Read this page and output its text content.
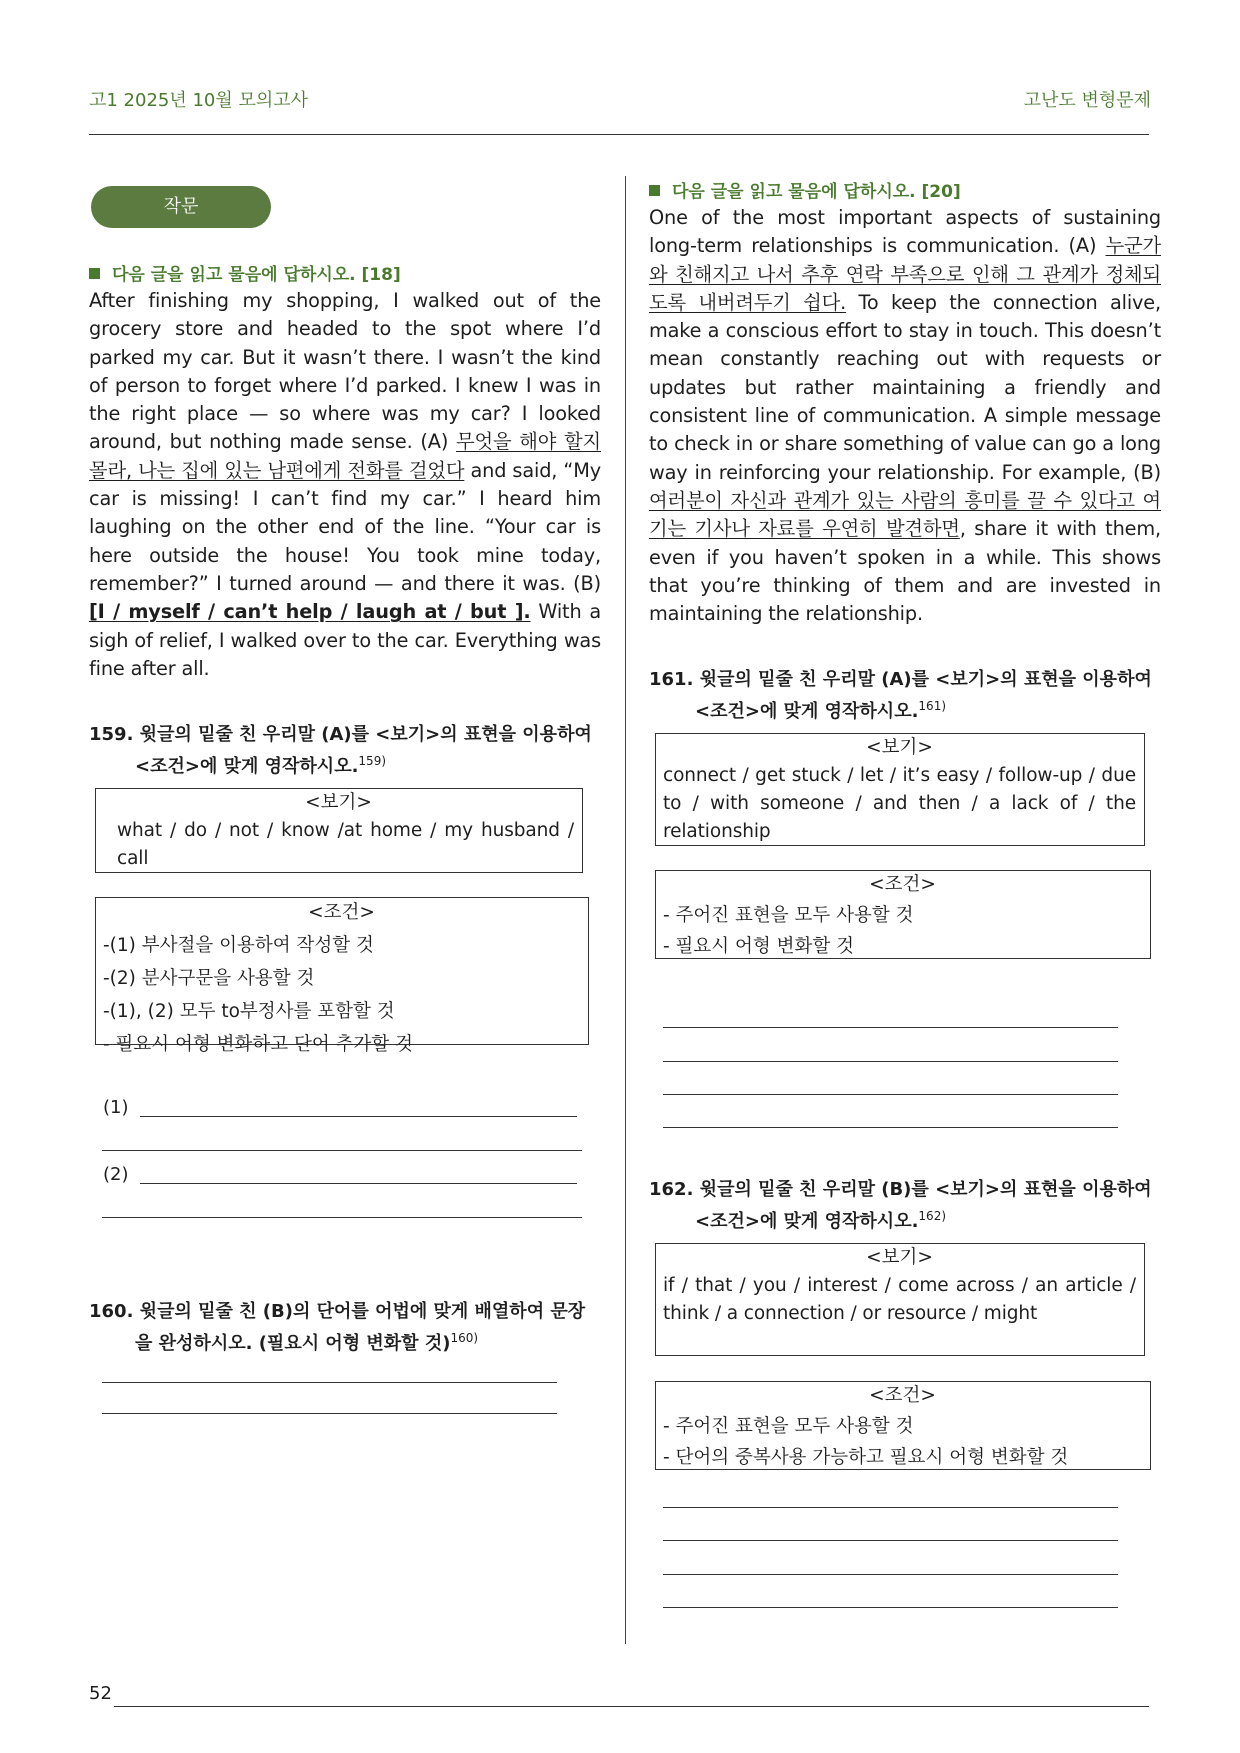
고1 2025년 10월 모의고사	고난도 변형문제
작문
다음 글을 읽고 물음에 답하시오. [18]

After finishing my shopping, I walked out of the grocery store and headed to the spot where I’d parked my car. But it wasn’t there. I wasn’t the kind of person to forget where I’d parked. I knew I was in the right place — so where was my car? I looked around, but nothing made sense. (A) 무엇을 해야 할지 몰라, 나는 집에 있는 남편에게 전화를 걸었다 and said, “My car is missing! I can’t find my car.” I heard him laughing on the other end of the line. “Your car is here outside the house! You took mine today, remember?” I turned around — and there it was. (B) [I / myself / can’t help / laugh at / but ]. With a sigh of relief, I walked over to the car. Everything was fine after all.

159. 윗글의 밑줄 친 우리말 (A)를 <보기>의 표현을 이용하여
<조건>에 맞게 영작하시오.$^{159)}$

<보기>
what / do / not / know /at home / my husband / call
<조건>
-(1) 부사절을 이용하여 작성할 것
-(2) 분사구문을 사용할 것
-(1), (2) 모두 to부정사를 포함할 것
- 필요시 어형 변화하고 단어 추가할 것
(1)
(2)

160. 윗글의 밑줄 친 (B)의 단어를 어법에 맞게 배열하여 문장
을 완성하시오. (필요시 어형 변화할 것)$^{160)}$

다음 글을 읽고 물음에 답하시오. [20]

One of the most important aspects of sustaining long-term relationships is communication. (A) 누군가와 친해지고 나서 추후 연락 부족으로 인해 그 관계가 정체되도록 내버려두기 쉽다. To keep the connection alive, make a conscious effort to stay in touch. This doesn’t mean constantly reaching out with requests or updates but rather maintaining a friendly and consistent line of communication. A simple message to check in or share something of value can go a long way in reinforcing your relationship. For example, (B) 여러분이 자신과 관계가 있는 사람의 흥미를 끌 수 있다고 여기는 기사나 자료를 우연히 발견하면, share it with them, even if you haven’t spoken in a while. This shows that you’re thinking of them and are invested in maintaining the relationship.

161. 윗글의 밑줄 친 우리말 (A)를 <보기>의 표현을 이용하여
<조건>에 맞게 영작하시오.$^{161)}$

<보기>
connect / get stuck / let / it’s easy / follow-up / due to / with someone / and then / a lack of / the relationship
<조건>
- 주어진 표현을 모두 사용할 것
- 필요시 어형 변화할 것

162. 윗글의 밑줄 친 우리말 (B)를 <보기>의 표현을 이용하여
<조건>에 맞게 영작하시오.$^{162)}$

<보기>
if / that / you / interest / come across / an article / think / a connection / or resource / might
<조건>
- 주어진 표현을 모두 사용할 것
- 단어의 중복사용 가능하고 필요시 어형 변화할 것
52
